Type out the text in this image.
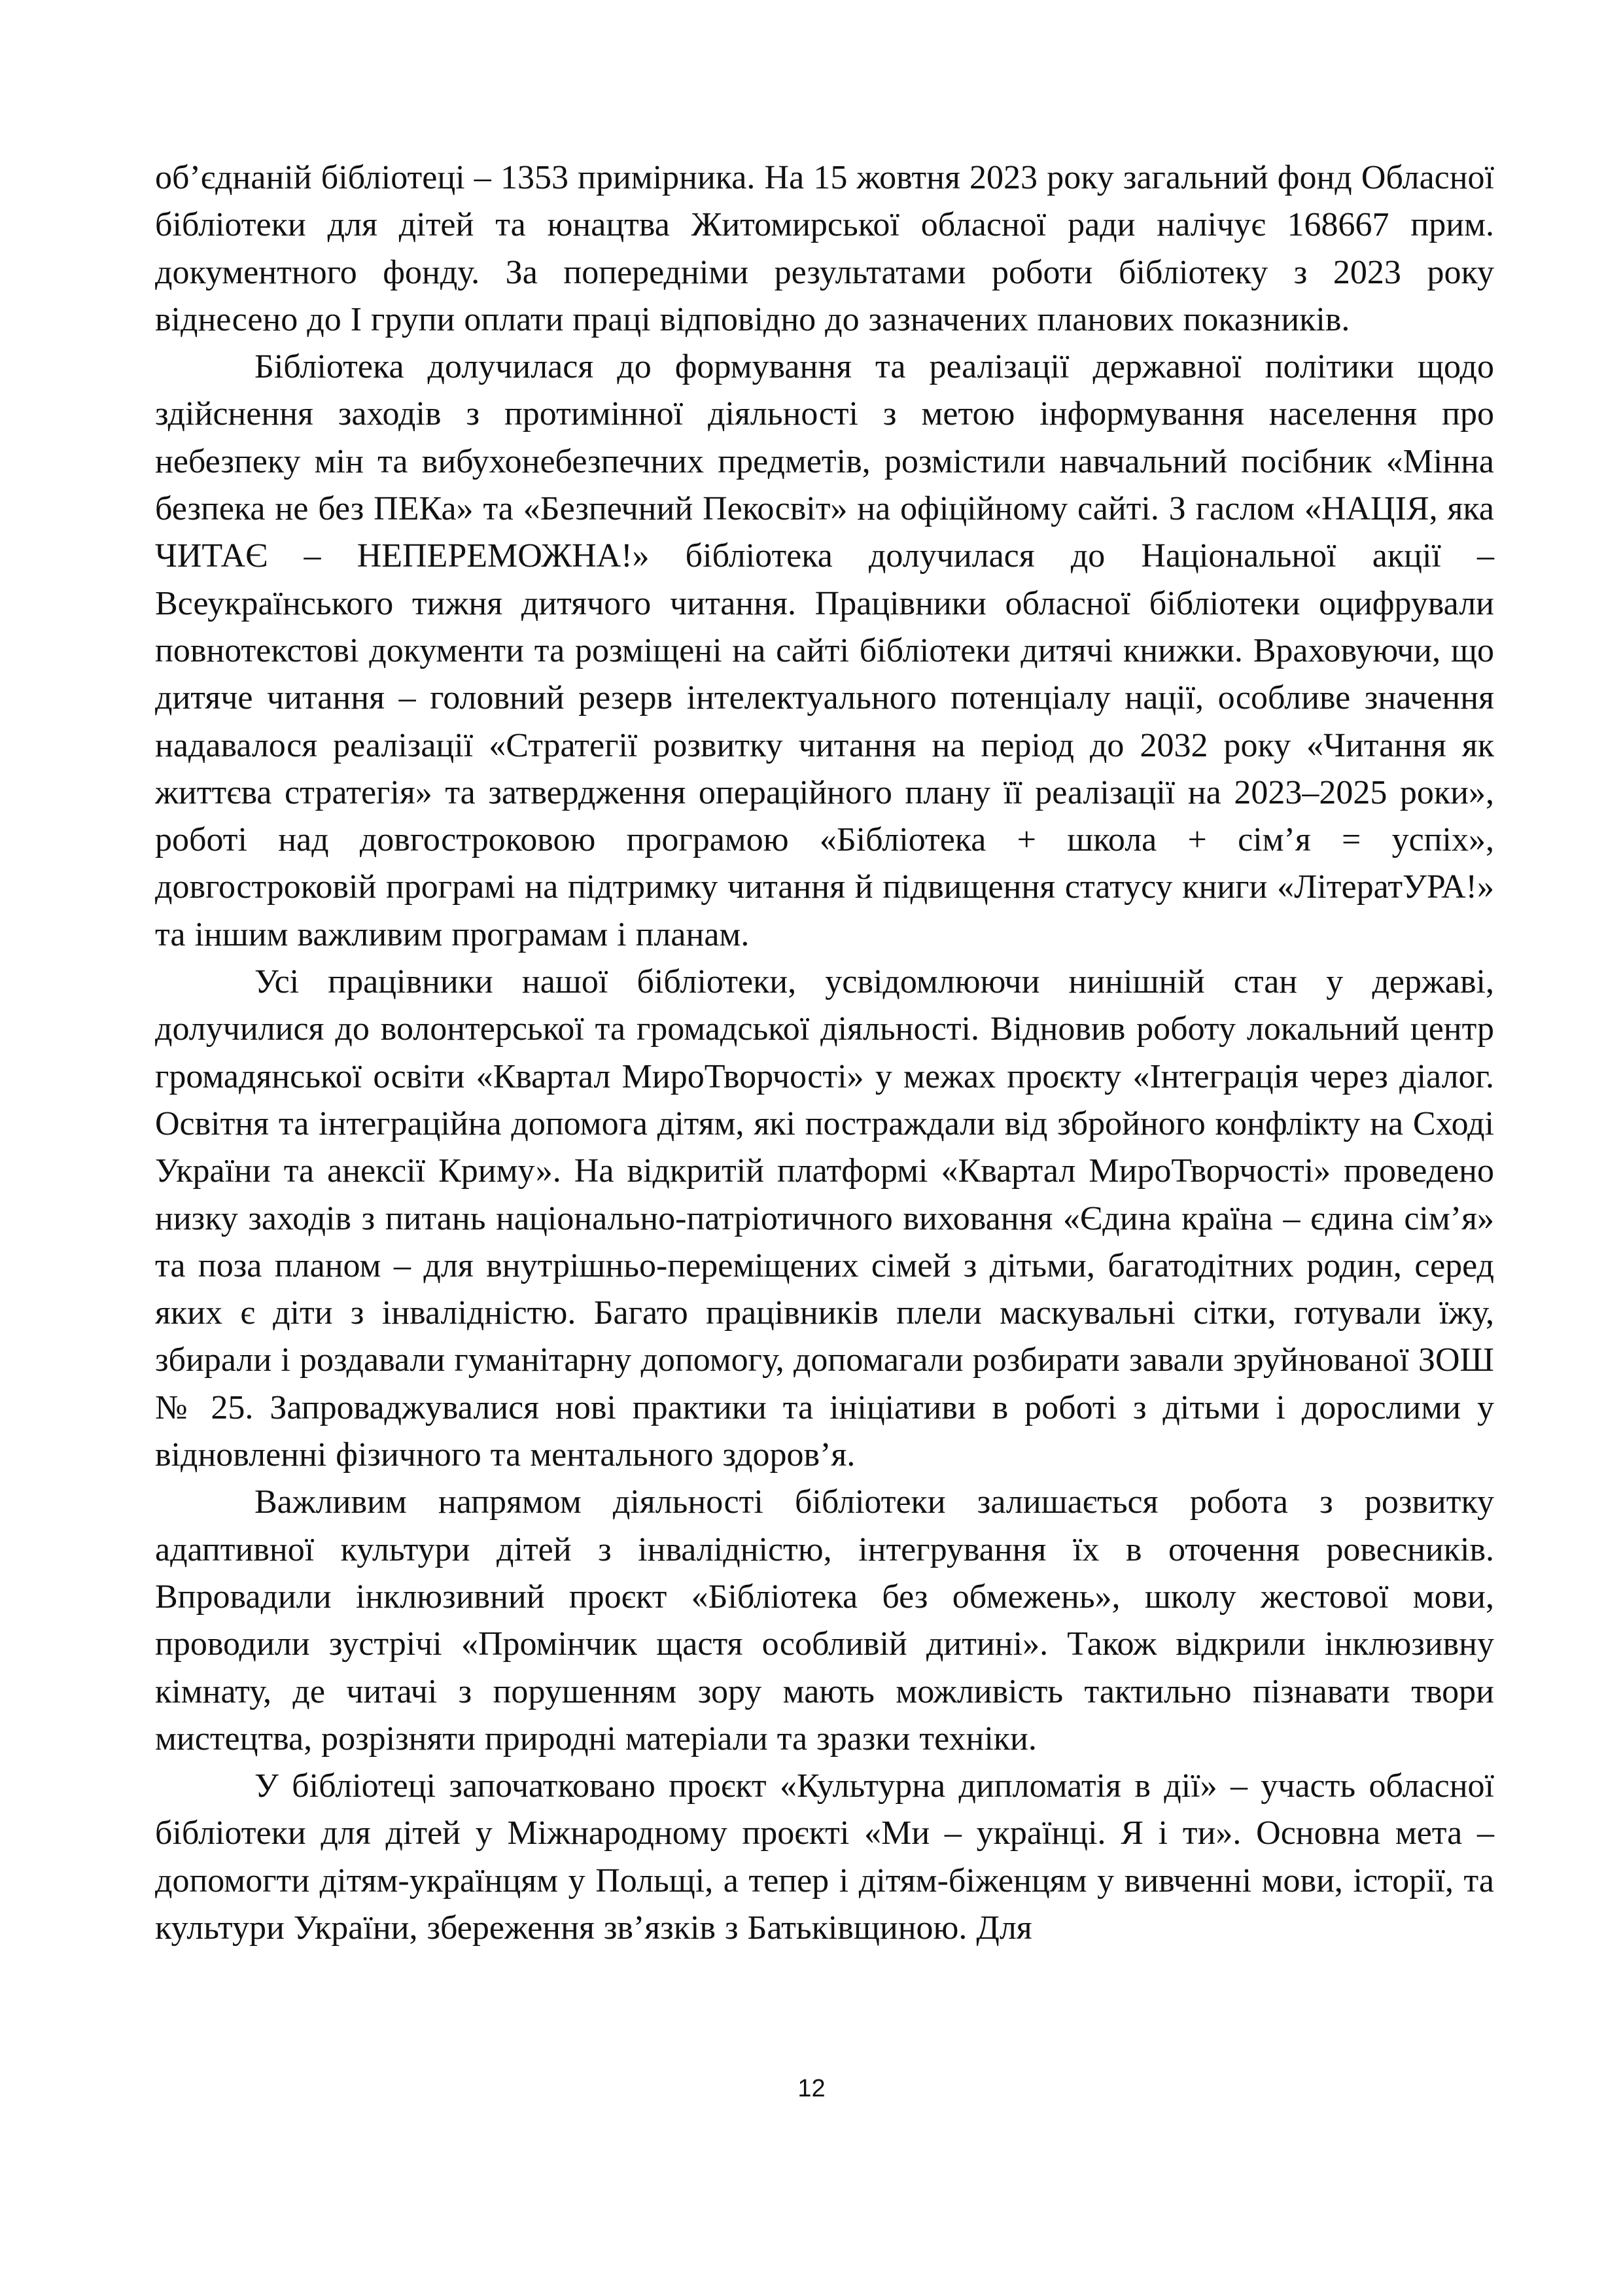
об’єднаній бібліотеці – 1353 примірника. На 15 жовтня 2023 року загальний фонд Обласної бібліотеки для дітей та юнацтва Житомирської обласної ради налічує 168667 прим. документного фонду. За попередніми результатами роботи бібліотеку з 2023 року віднесено до І групи оплати праці відповідно до зазначених планових показників.

Бібліотека долучилася до формування та реалізації державної політики щодо здійснення заходів з протимінної діяльності з метою інформування населення про небезпеку мін та вибухонебезпечних предметів, розмістили навчальний посібник «Мінна безпека не без ПЕКа» та «Безпечний Пекосвіт» на офіційному сайті. З гаслом «НАЦІЯ, яка ЧИТАЄ – НЕПЕРЕМОЖНА!» бібліотека долучилася до Національної акції – Всеукраїнського тижня дитячого читання. Працівники обласної бібліотеки оцифрували повнотекстові документи та розміщені на сайті бібліотеки дитячі книжки. Враховуючи, що дитяче читання – головний резерв інтелектуального потенціалу нації, особливе значення надавалося реалізації «Стратегії розвитку читання на період до 2032 року «Читання як життєва стратегія» та затвердження операційного плану її реалізації на 2023–2025 роки», роботі над довгостроковою програмою «Бібліотека + школа + сім’я = успіх», довгостроковій програмі на підтримку читання й підвищення статусу книги «ЛітератУРА!» та іншим важливим програмам і планам.

Усі працівники нашої бібліотеки, усвідомлюючи нинішній стан у державі, долучилися до волонтерської та громадської діяльності. Відновив роботу локальний центр громадянської освіти «Квартал МироТворчості» у межах проєкту «Інтеграція через діалог. Освітня та інтеграційна допомога дітям, які постраждали від збройного конфлікту на Сході України та анексії Криму». На відкритій платформі «Квартал МироТворчості» проведено низку заходів з питань національно-патріотичного виховання «Єдина країна – єдина сім’я» та поза планом – для внутрішньо-переміщених сімей з дітьми, багатодітних родин, серед яких є діти з інвалідністю. Багато працівників плели маскувальні сітки, готували їжу, збирали і роздавали гуманітарну допомогу, допомагали розбирати завали зруйнованої ЗОШ № 25. Запроваджувалися нові практики та ініціативи в роботі з дітьми і дорослими у відновленні фізичного та ментального здоров’я.

Важливим напрямом діяльності бібліотеки залишається робота з розвитку адаптивної культури дітей з інвалідністю, інтегрування їх в оточення ровесників. Впровадили інклюзивний проєкт «Бібліотека без обмежень», школу жестової мови, проводили зустрічі «Промінчик щастя особливій дитині». Також відкрили інклюзивну кімнату, де читачі з порушенням зору мають можливість тактильно пізнавати твори мистецтва, розрізняти природні матеріали та зразки техніки.

У бібліотеці започатковано проєкт «Культурна дипломатія в дії» – участь обласної бібліотеки для дітей у Міжнародному проєкті «Ми – українці. Я і ти». Основна мета – допомогти дітям-українцям у Польщі, а тепер і дітям-біженцям у вивченні мови, історії, та культури України, збереження зв’язків з Батьківщиною. Для

12
